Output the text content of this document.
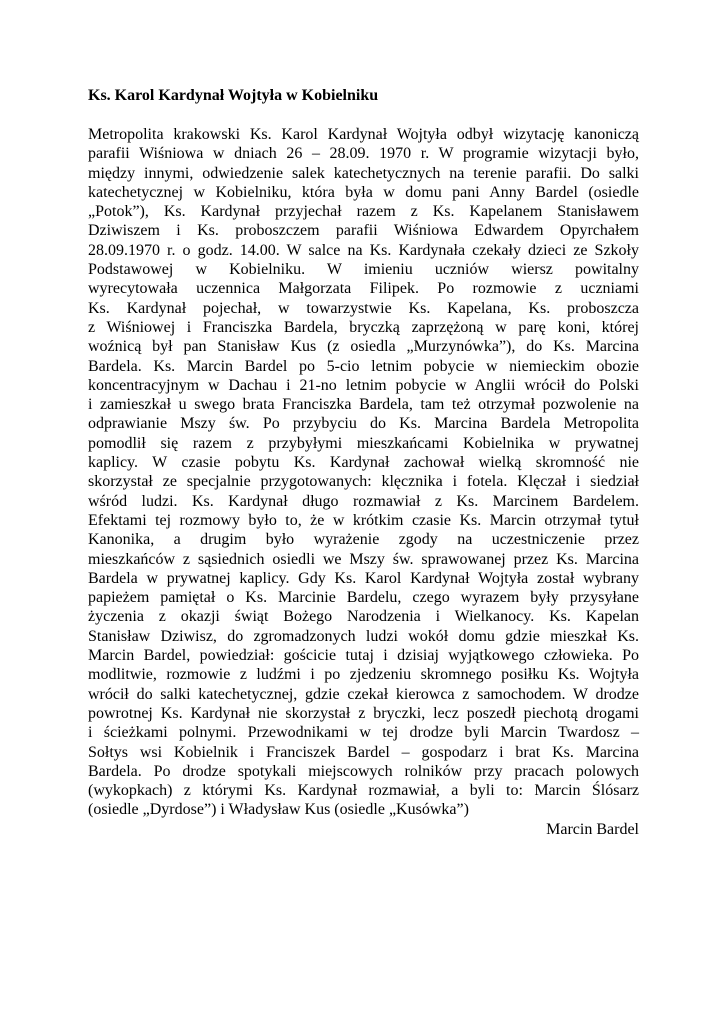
Ks. Karol Kardynał Wojtyła w Kobielniku
Metropolita krakowski Ks. Karol Kardynał Wojtyła odbył wizytację kanoniczą
parafii Wiśniowa w dniach 26 – 28.09. 1970 r. W programie wizytacji było,
między innymi, odwiedzenie salek katechetycznych na terenie parafii. Do salki
katechetycznej w Kobielniku, która była w domu pani Anny Bardel (osiedle
„Potok”), Ks. Kardynał przyjechał razem z Ks. Kapelanem Stanisławem
Dziwiszem i Ks. proboszczem parafii Wiśniowa Edwardem Opyrchałem
28.09.1970 r. o godz. 14.00. W salce na Ks. Kardynała czekały dzieci ze Szkoły
Podstawowej w Kobielniku. W imieniu uczniów wiersz powitalny
wyrecytowała uczennica Małgorzata Filipek. Po rozmowie z uczniami
Ks. Kardynał pojechał, w towarzystwie Ks. Kapelana, Ks. proboszcza
z Wiśniowej i Franciszka Bardela, bryczką zaprzężoną w parę koni, której
woźnicą był pan Stanisław Kus (z osiedla „Murzynówka”), do Ks. Marcina
Bardela. Ks. Marcin Bardel po 5-cio letnim pobycie w niemieckim obozie
koncentracyjnym w Dachau i 21-no letnim pobycie w Anglii wrócił do Polski
i zamieszkał u swego brata Franciszka Bardela, tam też otrzymał pozwolenie na
odprawianie Mszy św. Po przybyciu do Ks. Marcina Bardela Metropolita
pomodlił się razem z przybyłymi mieszkańcami Kobielnika w prywatnej
kaplicy. W czasie pobytu Ks. Kardynał zachował wielką skromność nie
skorzystał ze specjalnie przygotowanych: klęcznika i fotela. Klęczał i siedział
wśród ludzi. Ks. Kardynał długo rozmawiał z Ks. Marcinem Bardelem.
Efektami tej rozmowy było to, że w krótkim czasie Ks. Marcin otrzymał tytuł
Kanonika, a drugim było wyrażenie zgody na uczestniczenie przez
mieszkańców z sąsiednich osiedli we Mszy św. sprawowanej przez Ks. Marcina
Bardela w prywatnej kaplicy. Gdy Ks. Karol Kardynał Wojtyła został wybrany
papieżem pamiętał o Ks. Marcinie Bardelu, czego wyrazem były przysyłane
życzenia z okazji świąt Bożego Narodzenia i Wielkanocy. Ks. Kapelan
Stanisław Dziwisz, do zgromadzonych ludzi wokół domu gdzie mieszkał Ks.
Marcin Bardel, powiedział: gościcie tutaj i dzisiaj wyjątkowego człowieka. Po
modlitwie, rozmowie z ludźmi i po zjedzeniu skromnego posiłku Ks. Wojtyła
wrócił do salki katechetycznej, gdzie czekał kierowca z samochodem. W drodze
powrotnej Ks. Kardynał nie skorzystał z bryczki, lecz poszedł piechotą drogami
i ścieżkami polnymi. Przewodnikami w tej drodze byli Marcin Twardosz –
Sołtys wsi Kobielnik i Franciszek Bardel – gospodarz i brat Ks. Marcina
Bardela. Po drodze spotykali miejscowych rolników przy pracach polowych
(wykopkach) z którymi Ks. Kardynał rozmawiał, a byli to: Marcin Ślósarz
(osiedle „Dyrdose”) i Władysław Kus (osiedle „Kusówka”)
Marcin Bardel
